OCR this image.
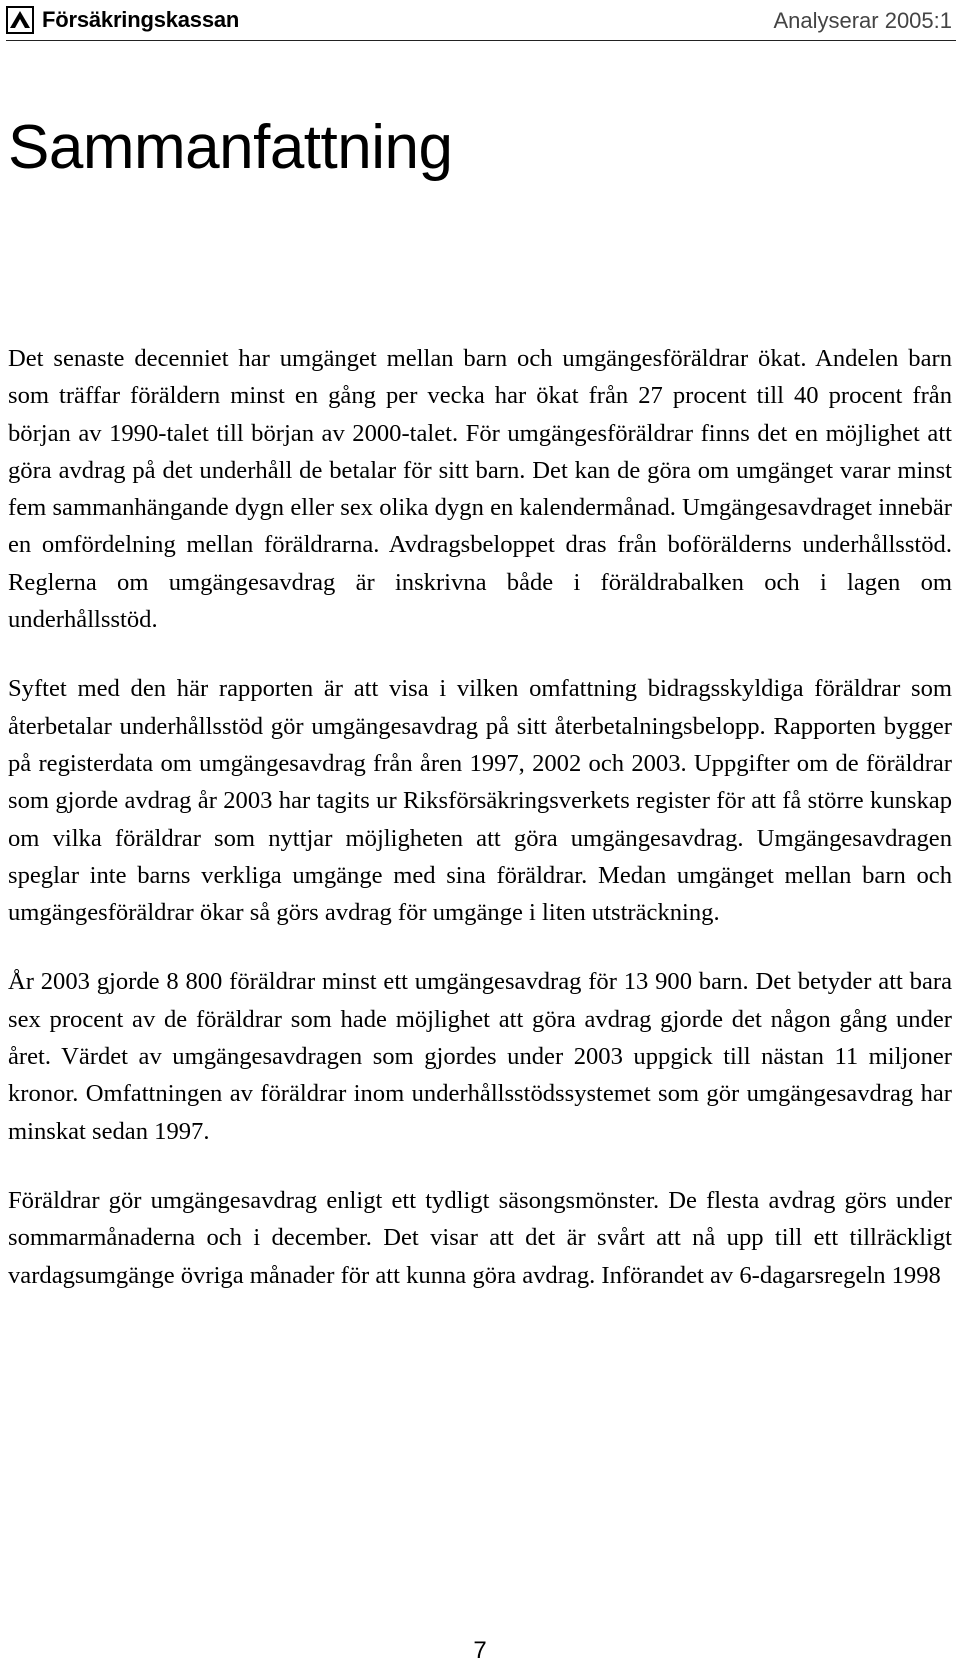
Försäkringskassan	Analyserar 2005:1
Sammanfattning

Det senaste decenniet har umgänget mellan barn och umgängesföräldrar ökat. Andelen barn som träffar föräldern minst en gång per vecka har ökat från 27 procent till 40 procent från början av 1990-talet till början av 2000-talet. För umgängesföräldrar finns det en möjlighet att göra avdrag på det underhåll de betalar för sitt barn. Det kan de göra om umgänget varar minst fem sammanhängande dygn eller sex olika dygn en kalendermånad. Umgängesavdraget innebär en omfördelning mellan föräldrarna. Avdragsbeloppet dras från boförälderns underhållsstöd. Reglerna om umgängesavdrag är inskrivna både i föräldrabalken och i lagen om underhållsstöd.

Syftet med den här rapporten är att visa i vilken omfattning bidragsskyldiga föräldrar som återbetalar underhållsstöd gör umgängesavdrag på sitt återbetalningsbelopp. Rapporten bygger på registerdata om umgängesavdrag från åren 1997, 2002 och 2003. Uppgifter om de föräldrar som gjorde avdrag år 2003 har tagits ur Riksförsäkringsverkets register för att få större kunskap om vilka föräldrar som nyttjar möjligheten att göra umgängesavdrag. Umgängesavdragen speglar inte barns verkliga umgänge med sina föräldrar. Medan umgänget mellan barn och umgängesföräldrar ökar så görs avdrag för umgänge i liten utsträckning.

År 2003 gjorde 8 800 föräldrar minst ett umgängesavdrag för 13 900 barn. Det betyder att bara sex procent av de föräldrar som hade möjlighet att göra avdrag gjorde det någon gång under året. Värdet av umgängesavdragen som gjordes under 2003 uppgick till nästan 11 miljoner kronor. Omfattningen av föräldrar inom underhållsstödssystemet som gör umgängesavdrag har minskat sedan 1997.

Föräldrar gör umgängesavdrag enligt ett tydligt säsongsmönster. De flesta avdrag görs under sommarmånaderna och i december. Det visar att det är svårt att nå upp till ett tillräckligt vardagsumgänge övriga månader för att kunna göra avdrag. Införandet av 6-dagarsregeln 1998

7
